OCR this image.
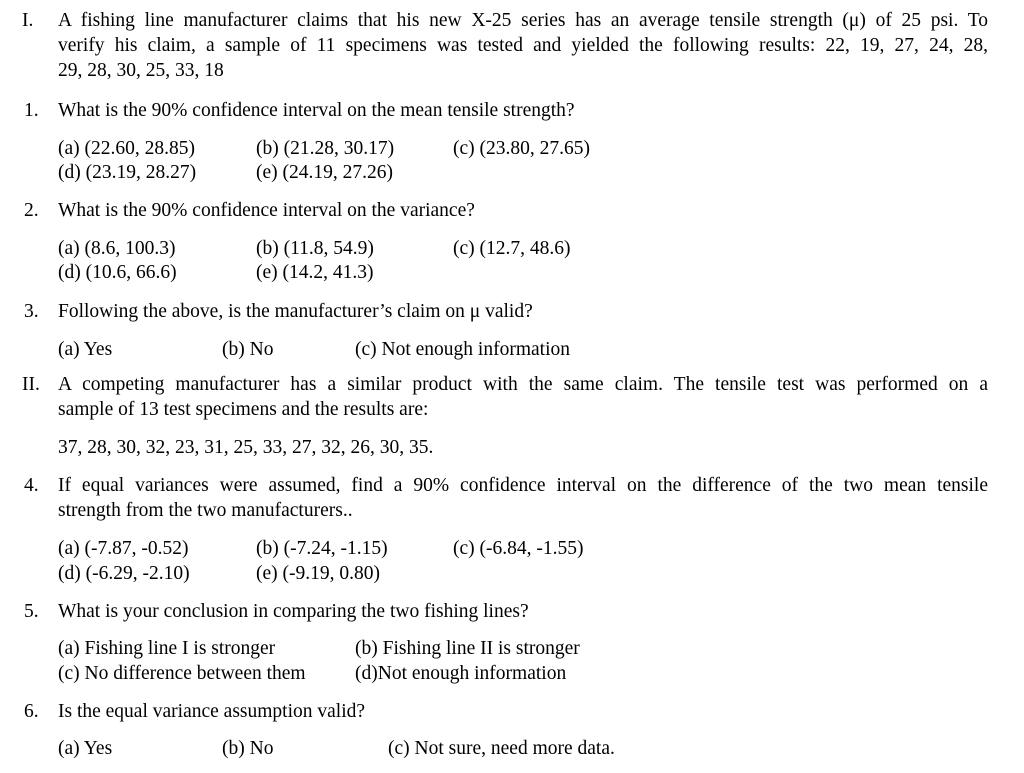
I. A fishing line manufacturer claims that his new X-25 series has an average tensile strength (μ) of 25 psi. To
verify his claim, a sample of 11 specimens was tested and yielded the following results: 22, 19, 27, 24, 28,
29, 28, 30, 25, 33, 18
1. What is the 90% confidence interval on the mean tensile strength?
(a) (22.60, 28.85)	(b) (21.28, 30.17)	(c) (23.80, 27.65)
(d) (23.19, 28.27)	(e) (24.19, 27.26)
2. What is the 90% confidence interval on the variance?
(a) (8.6, 100.3)	(b) (11.8, 54.9)	(c) (12.7, 48.6)
(d) (10.6, 66.6)	(e) (14.2, 41.3)
3. Following the above, is the manufacturer’s claim on μ valid?
(a) Yes	(b) No	(c) Not enough information
II. A competing manufacturer has a similar product with the same claim. The tensile test was performed on a
sample of 13 test specimens and the results are:
37, 28, 30, 32, 23, 31, 25, 33, 27, 32, 26, 30, 35.
4. If equal variances were assumed, find a 90% confidence interval on the difference of the two mean tensile
strength from the two manufacturers..
(a) (-7.87, -0.52)	(b) (-7.24, -1.15)	(c) (-6.84, -1.55)
(d) (-6.29, -2.10)	(e) (-9.19, 0.80)
5. What is your conclusion in comparing the two fishing lines?
(a) Fishing line I is stronger	(b) Fishing line II is stronger
(c) No difference between them	(d)Not enough information
6. Is the equal variance assumption valid?
(a) Yes	(b) No	(c) Not sure, need more data.
